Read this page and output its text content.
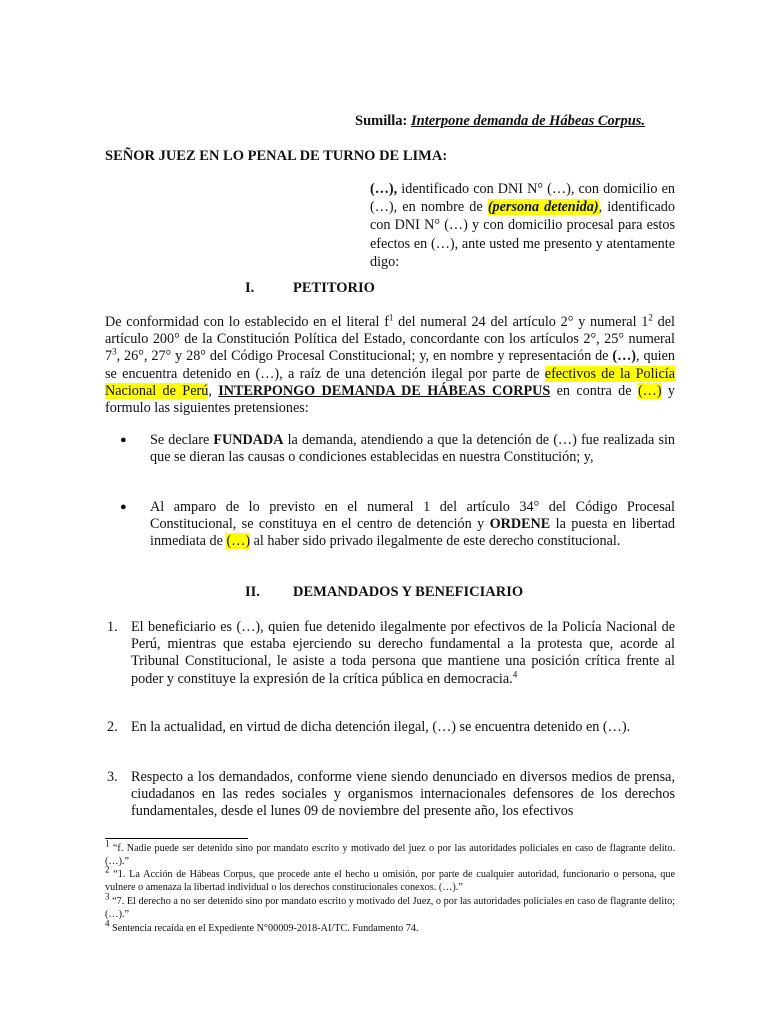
Sumilla: Interpone demanda de Hábeas Corpus.
SEÑOR JUEZ EN LO PENAL DE TURNO DE LIMA:
(…), identificado con DNI N° (…), con domicilio en (…), en nombre de (persona detenida), identificado con DNI N° (…) y con domicilio procesal para estos efectos en (…), ante usted me presento y atentamente digo:
I.	PETITORIO
De conformidad con lo establecido en el literal $f^1$ del numeral 24 del artículo 2° y numeral $1^2$ del artículo 200° de la Constitución Política del Estado, concordante con los artículos 2°, 25° numeral $7^3$, 26°, 27° y 28° del Código Procesal Constitucional; y, en nombre y representación de (…), quien se encuentra detenido en (…), a raíz de una detención ilegal por parte de efectivos de la Policía Nacional de Perú, INTERPONGO DEMANDA DE HÁBEAS CORPUS en contra de (…) y formulo las siguientes pretensiones:
● Se declare FUNDADA la demanda, atendiendo a que la detención de (…) fue realizada sin que se dieran las causas o condiciones establecidas en nuestra Constitución; y,
● Al amparo de lo previsto en el numeral 1 del artículo 34° del Código Procesal Constitucional, se constituya en el centro de detención y ORDENE la puesta en libertad inmediata de (…) al haber sido privado ilegalmente de este derecho constitucional.
II. DEMANDADOS Y BENEFICIARIO
1. El beneficiario es (…), quien fue detenido ilegalmente por efectivos de la Policía Nacional de Perú, mientras que estaba ejerciendo su derecho fundamental a la protesta que, acorde al Tribunal Constitucional, le asiste a toda persona que mantiene una posición crítica frente al poder y constituye la expresión de la crítica pública en democracia.$^4$
2. En la actualidad, en virtud de dicha detención ilegal, (…) se encuentra detenido en (…).
3. Respecto a los demandados, conforme viene siendo denunciado en diversos medios de prensa, ciudadanos en las redes sociales y organismos internacionales defensores de los derechos fundamentales, desde el lunes 09 de noviembre del presente año, los efectivos
$^1$ “f. Nadie puede ser detenido sino por mandato escrito y motivado del juez o por las autoridades policiales en caso de flagrante delito. (…).”
$^2$ “1. La Acción de Hábeas Corpus, que procede ante el hecho u omisión, por parte de cualquier autoridad, funcionario o persona, que vulnere o amenaza la libertad individual o los derechos constitucionales conexos. (…).”
$^3$ “7. El derecho a no ser detenido sino por mandato escrito y motivado del Juez, o por las autoridades policiales en caso de flagrante delito;(…).”
$^4$ Sentencia recaída en el Expediente N°00009-2018-AI/TC. Fundamento 74.
